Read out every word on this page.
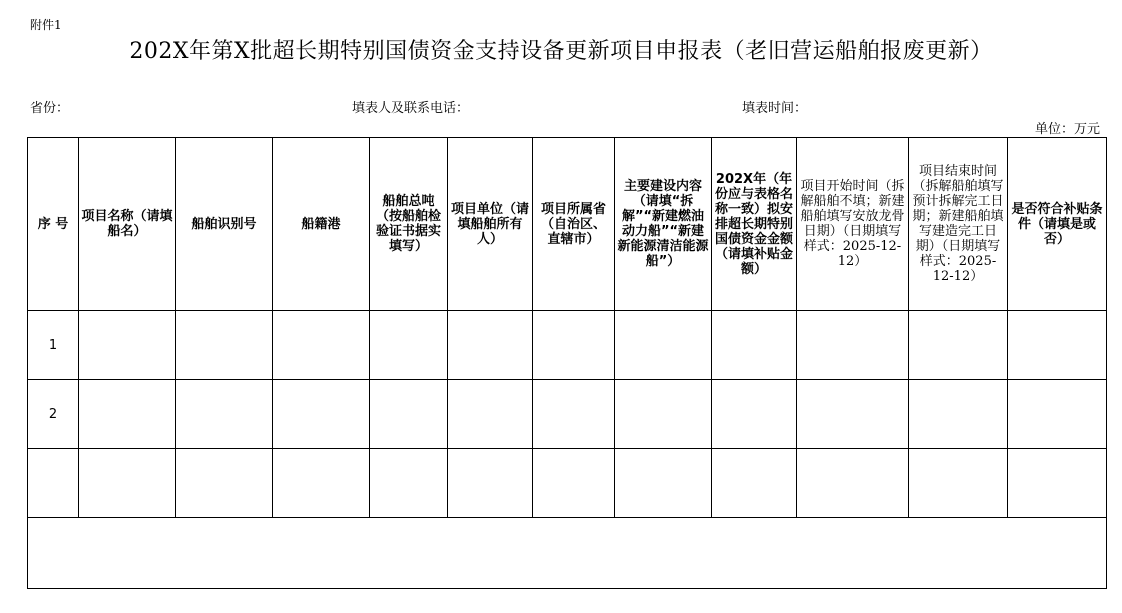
附件1
202X年第X批超长期特别国债资金支持设备更新项目申报表（老旧营运船舶报废更新）
省份：	填表人及联系电话：	填表时间：
单位：万元
序 号	项目名称（请填船名）	船舶识别号	船籍港	船舶总吨（按船舶检验证书据实填写）	项目单位（请填船舶所有人）	项目所属省（自治区、直辖市）	主要建设内容（请填“拆解”“新建燃油动力船”“新建新能源清洁能源船”）	202X年（年份应与表格名称一致）拟安排超长期特别国债资金金额（请填补贴金额）	项目开始时间（拆解船舶不填；新建船舶填写安放龙骨日期）（日期填写样式：2025-12-12）	项目结束时间（拆解船舶填写预计拆解完工日期；新建船舶填写建造完工日期）（日期填写样式：2025-12-12）	是否符合补贴条件（请填是或否）
1											
2											
